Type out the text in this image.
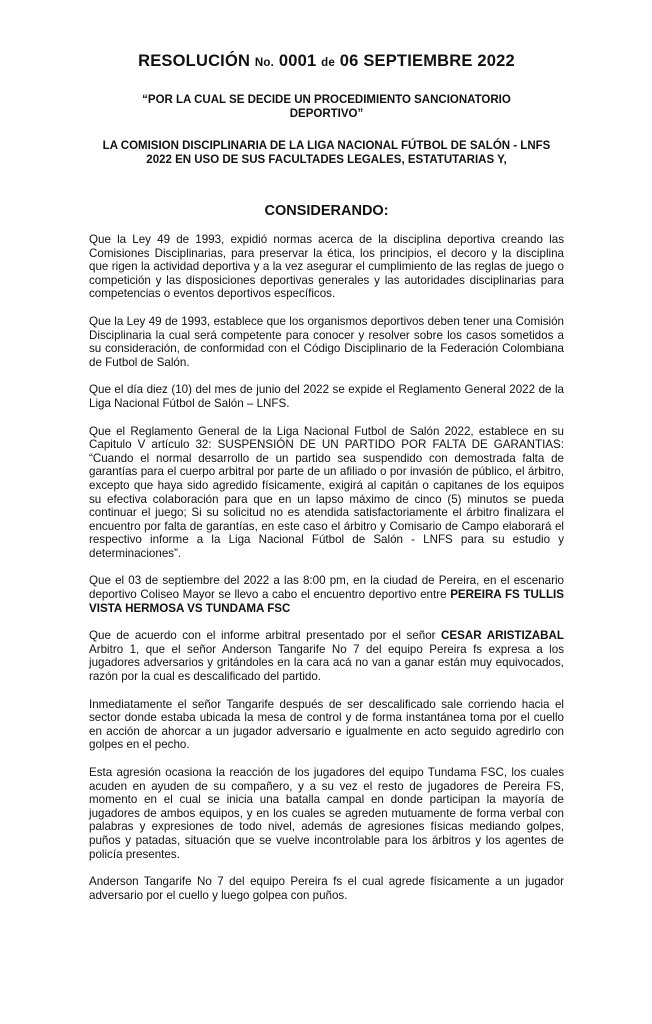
RESOLUCIÓN No. 0001 de 06 SEPTIEMBRE 2022
“POR LA CUAL SE DECIDE UN PROCEDIMIENTO SANCIONATORIO DEPORTIVO”
LA COMISION DISCIPLINARIA DE LA LIGA NACIONAL FÚTBOL DE SALÓN - LNFS 2022 EN USO DE SUS FACULTADES LEGALES, ESTATUTARIAS Y,
CONSIDERANDO:

Que la Ley 49 de 1993, expidió normas acerca de la disciplina deportiva creando las Comisiones Disciplinarias, para preservar la ética, los principios, el decoro y la disciplina que rigen la actividad deportiva y a la vez asegurar el cumplimiento de las reglas de juego o competición y las disposiciones deportivas generales y las autoridades disciplinarias para competencias o eventos deportivos específicos.

Que la Ley 49 de 1993, establece que los organismos deportivos deben tener una Comisión Disciplinaria la cual será competente para conocer y resolver sobre los casos sometidos a su consideración, de conformidad con el Código Disciplinario de la Federación Colombiana de Futbol de Salón.

Que el día diez (10) del mes de junio del 2022 se expide el Reglamento General 2022 de la Liga Nacional Fútbol de Salón – LNFS.

Que el Reglamento General de la Liga Nacional Futbol de Salón 2022, establece en su Capitulo V artículo 32: SUSPENSIÓN DE UN PARTIDO POR FALTA DE GARANTIAS: “Cuando el normal desarrollo de un partido sea suspendido con demostrada falta de garantías para el cuerpo arbitral por parte de un afiliado o por invasión de público, el árbitro, excepto que haya sido agredido físicamente, exigirá al capitán o capitanes de los equipos su efectiva colaboración para que en un lapso máximo de cinco (5) minutos se pueda continuar el juego; Si su solicitud no es atendida satisfactoriamente el árbitro finalizara el encuentro por falta de garantías, en este caso el árbitro y Comisario de Campo elaborará el respectivo informe a la Liga Nacional Fútbol de Salón - LNFS para su estudio y determinaciones”.

Que el 03 de septiembre del 2022 a las 8:00 pm, en la ciudad de Pereira, en el escenario deportivo Coliseo Mayor se llevo a cabo el encuentro deportivo entre PEREIRA FS TULLIS VISTA HERMOSA VS TUNDAMA FSC

Que de acuerdo con el informe arbitral presentado por el señor CESAR ARISTIZABAL Arbitro 1, que el señor Anderson Tangarife No 7 del equipo Pereira fs expresa a los jugadores adversarios y gritándoles en la cara acá no van a ganar están muy equivocados, razón por la cual es descalificado del partido.

Inmediatamente el señor Tangarife después de ser descalificado sale corriendo hacia el sector donde estaba ubicada la mesa de control y de forma instantánea toma por el cuello en acción de ahorcar a un jugador adversario e igualmente en acto seguido agredirlo con golpes en el pecho.

Esta agresión ocasiona la reacción de los jugadores del equipo Tundama FSC, los cuales acuden en ayuden de su compañero, y a su vez el resto de jugadores de Pereira FS, momento en el cual se inicia una batalla campal en donde participan la mayoría de jugadores de ambos equipos, y en los cuales se agreden mutuamente de forma verbal con palabras y expresiones de todo nivel, además de agresiones físicas mediando golpes, puños y patadas, situación que se vuelve incontrolable para los árbitros y los agentes de policía presentes.

Anderson Tangarife No 7 del equipo Pereira fs el cual agrede físicamente a un jugador adversario por el cuello y luego golpea con puños.
